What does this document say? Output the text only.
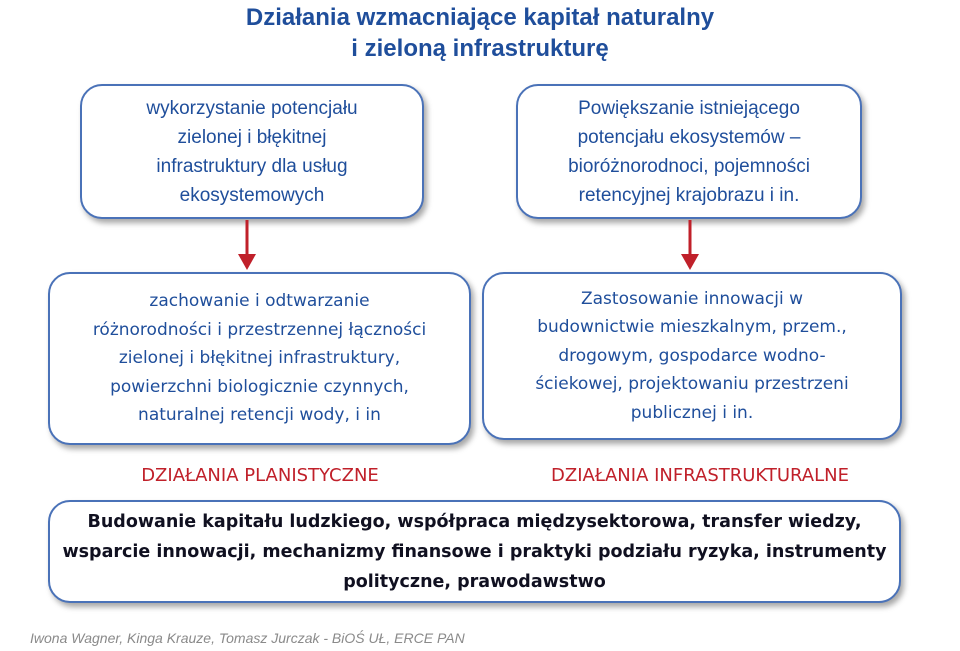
Działania wzmacniające kapitał naturalny
i zieloną infrastrukturę
wykorzystanie potencjału
zielonej i błękitnej
infrastruktury dla usług
ekosystemowych
Powiększanie istniejącego
potencjału ekosystemów –
bioróżnorodnoci, pojemności
retencyjnej krajobrazu i in.
zachowanie i odtwarzanie
różnorodności i przestrzennej łączności
zielonej i błękitnej infrastruktury,
powierzchni biologicznie czynnych,
naturalnej retencji wody, i in
Zastosowanie innowacji w
budownictwie mieszkalnym, przem.,
drogowym, gospodarce wodno-
ściekowej, projektowaniu przestrzeni
publicznej i in.
DZIAŁANIA PLANISTYCZNE	DZIAŁANIA INFRASTRUKTURALNE
Budowanie kapitału ludzkiego, współpraca międzysektorowa, transfer wiedzy,
wsparcie innowacji, mechanizmy finansowe i praktyki podziału ryzyka, instrumenty
polityczne, prawodawstwo
Iwona Wagner, Kinga Krauze, Tomasz Jurczak - BiOŚ UŁ, ERCE PAN
